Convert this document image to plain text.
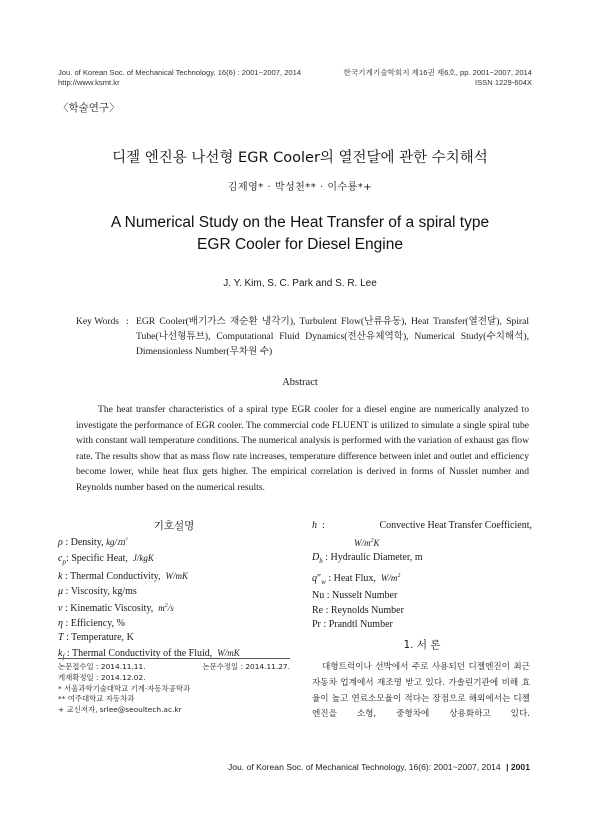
Jou. of Korean Soc. of Mechanical Technology, 16(6) : 2001~2007, 2014
http://www.ksmt.kr
한국기계기술학회지 제16권 제6호, pp. 2001~2007, 2014
ISSN 1229-604X
〈학술연구〉
디젤 엔진용 나선형 EGR Cooler의 열전달에 관한 수치해석
김제영* · 박성천** · 이수룡*+
A Numerical Study on the Heat Transfer of a spiral type
EGR Cooler for Diesel Engine
J. Y. Kim, S. C. Park and S. R. Lee
Key Words : EGR Cooler(배기가스 재순환 냉각기), Turbulent Flow(난류유동), Heat Transfer(열전달), Spiral Tube(나선형튜브), Computational Fluid Dynamics(전산유체역학), Numerical Study(수치해석), Dimensionless Number(무차원 수)
Abstract
The heat transfer characteristics of a spiral type EGR cooler for a diesel engine are numerically analyzed to investigate the performance of EGR cooler. The commercial code FLUENT is utilized to simulate a single spiral tube with constant wall temperature conditions. The numerical analysis is performed with the variation of exhaust gas flow rate. The results show that as mass flow rate increases, temperature difference between inlet and outlet and efficiency become lower, while heat flux gets higher. The empirical correlation is derived in forms of Nusslet number and Reynolds number based on the numerical results.
기호설명
ρ : Density, kg/㎥
$c_p$: Specific Heat, J/kgK
k : Thermal Conductivity, W/mK
μ : Viscosity, kg/ms
ν : Kinematic Viscosity, $m^2/s$
η : Efficiency, %
T : Temperature, K
$k_f$ : Thermal Conductivity of the Fluid, W/mK
h  :	Convective Heat Transfer Coefficient,
$W/m^2K$
$D_h$ : Hydraulic Diameter, m
$q''_w$ : Heat Flux, $W/m^2$
Nu : Nusselt Number
Re : Reynolds Number
Pr : Prandtl Number
논문접수일 : 2014.11.11.	논문수정일 : 2014.11.27.
게재확정일 : 2014.12.02.
* 서울과학기술대학교 기계·자동차공학과
** 여주대학교 자동차과
+ 교신저자, srlee@seoultech.ac.kr
1. 서 론
대형트럭이나 선박에서 주로 사용되던 디젤엔진이 최근 자동차 업계에서 재조명 받고 있다. 가솔린기관에 비해 효율이 높고 연료소모율이 적다는 장점으로 해외에서는 디젤엔진을 소형, 중형차에 상용화하고 있다.
Jou. of Korean Soc. of Mechanical Technology, 16(6): 2001~2007, 2014 | 2001
